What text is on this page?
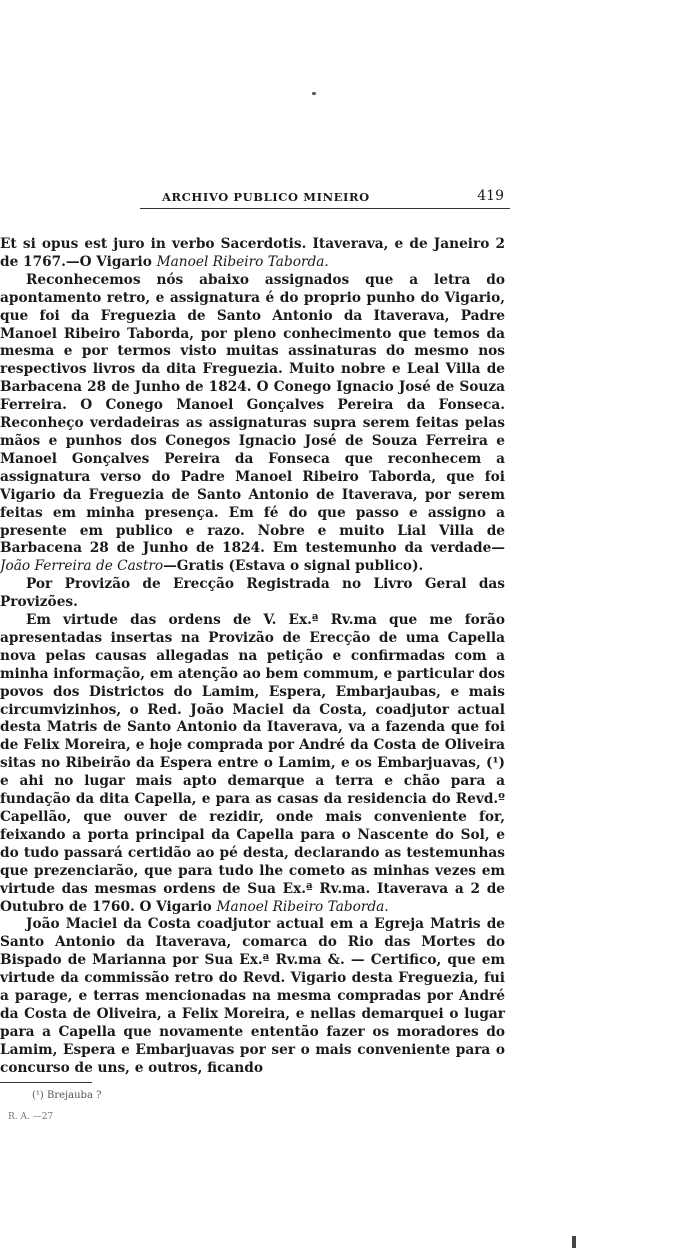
ARCHIVO PUBLICO MINEIRO	419

Et si opus est juro in verbo Sacerdotis. Itaverava, e de Janeiro 2 de 1767.—O Vigario Manoel Ribeiro Taborda.

Reconhecemos nós abaixo assignados que a letra do apontamento retro, e assignatura é do proprio punho do Vigario, que foi da Freguezia de Santo Antonio da Itaverava, Padre Manoel Ribeiro Taborda, por pleno conhecimento que temos da mesma e por termos visto muitas assinaturas do mesmo nos respectivos livros da dita Freguezia. Muito nobre e Leal Villa de Barbacena 28 de Junho de 1824. O Conego Ignacio José de Souza Ferreira. O Conego Manoel Gonçalves Pereira da Fonseca. Reconheço verdadeiras as assignaturas supra serem feitas pelas mãos e punhos dos Conegos Ignacio José de Souza Ferreira e Manoel Gonçalves Pereira da Fonseca que reconhecem a assignatura verso do Padre Manoel Ribeiro Taborda, que foi Vigario da Freguezia de Santo Antonio de Itaverava, por serem feitas em minha presença. Em fé do que passo e assigno a presente em publico e razo. Nobre e muito Lial Villa de Barbacena 28 de Junho de 1824. Em testemunho da verdade— João Ferreira de Castro—Gratis (Estava o signal publico).

Por Provizão de Erecção Registrada no Livro Geral das Provizões.

Em virtude das ordens de V. Ex.ª Rv.ma que me forão apresentadas insertas na Provizão de Erecção de uma Capella nova pelas causas allegadas na petição e confirmadas com a minha informação, em atenção ao bem commum, e particular dos povos dos Districtos do Lamim, Espera, Embarjaubas, e mais circumvizinhos, o Red. João Maciel da Costa, coadjutor actual desta Matris de Santo Antonio da Itaverava, va a fazenda que foi de Felix Moreira, e hoje comprada por André da Costa de Oliveira sitas no Ribeirão da Espera entre o Lamim, e os Embarjuavas, (¹) e ahi no lugar mais apto demarque a terra e chão para a fundação da dita Capella, e para as casas da residencia do Revd.º Capellão, que ouver de rezidir, onde mais conveniente for, feixando a porta principal da Capella para o Nascente do Sol, e do tudo passará certidão ao pé desta, declarando as testemunhas que prezenciarão, que para tudo lhe cometo as minhas vezes em virtude das mesmas ordens de Sua Ex.ª Rv.ma. Itaverava a 2 de Outubro de 1760. O Vigario Manoel Ribeiro Taborda.

João Maciel da Costa coadjutor actual em a Egreja Matris de Santo Antonio da Itaverava, comarca do Rio das Mortes do Bispado de Marianna por Sua Ex.ª Rv.ma &. — Certifico, que em virtude da commissão retro do Revd. Vigario desta Freguezia, fui a parage, e terras mencionadas na mesma compradas por André da Costa de Oliveira, a Felix Moreira, e nellas demarquei o lugar para a Capella que novamente ententão fazer os moradores do Lamim, Espera e Embarjuavas por ser o mais conveniente para o concurso de uns, e outros, ficando

(¹) Brejauba ?
R. A. —27
